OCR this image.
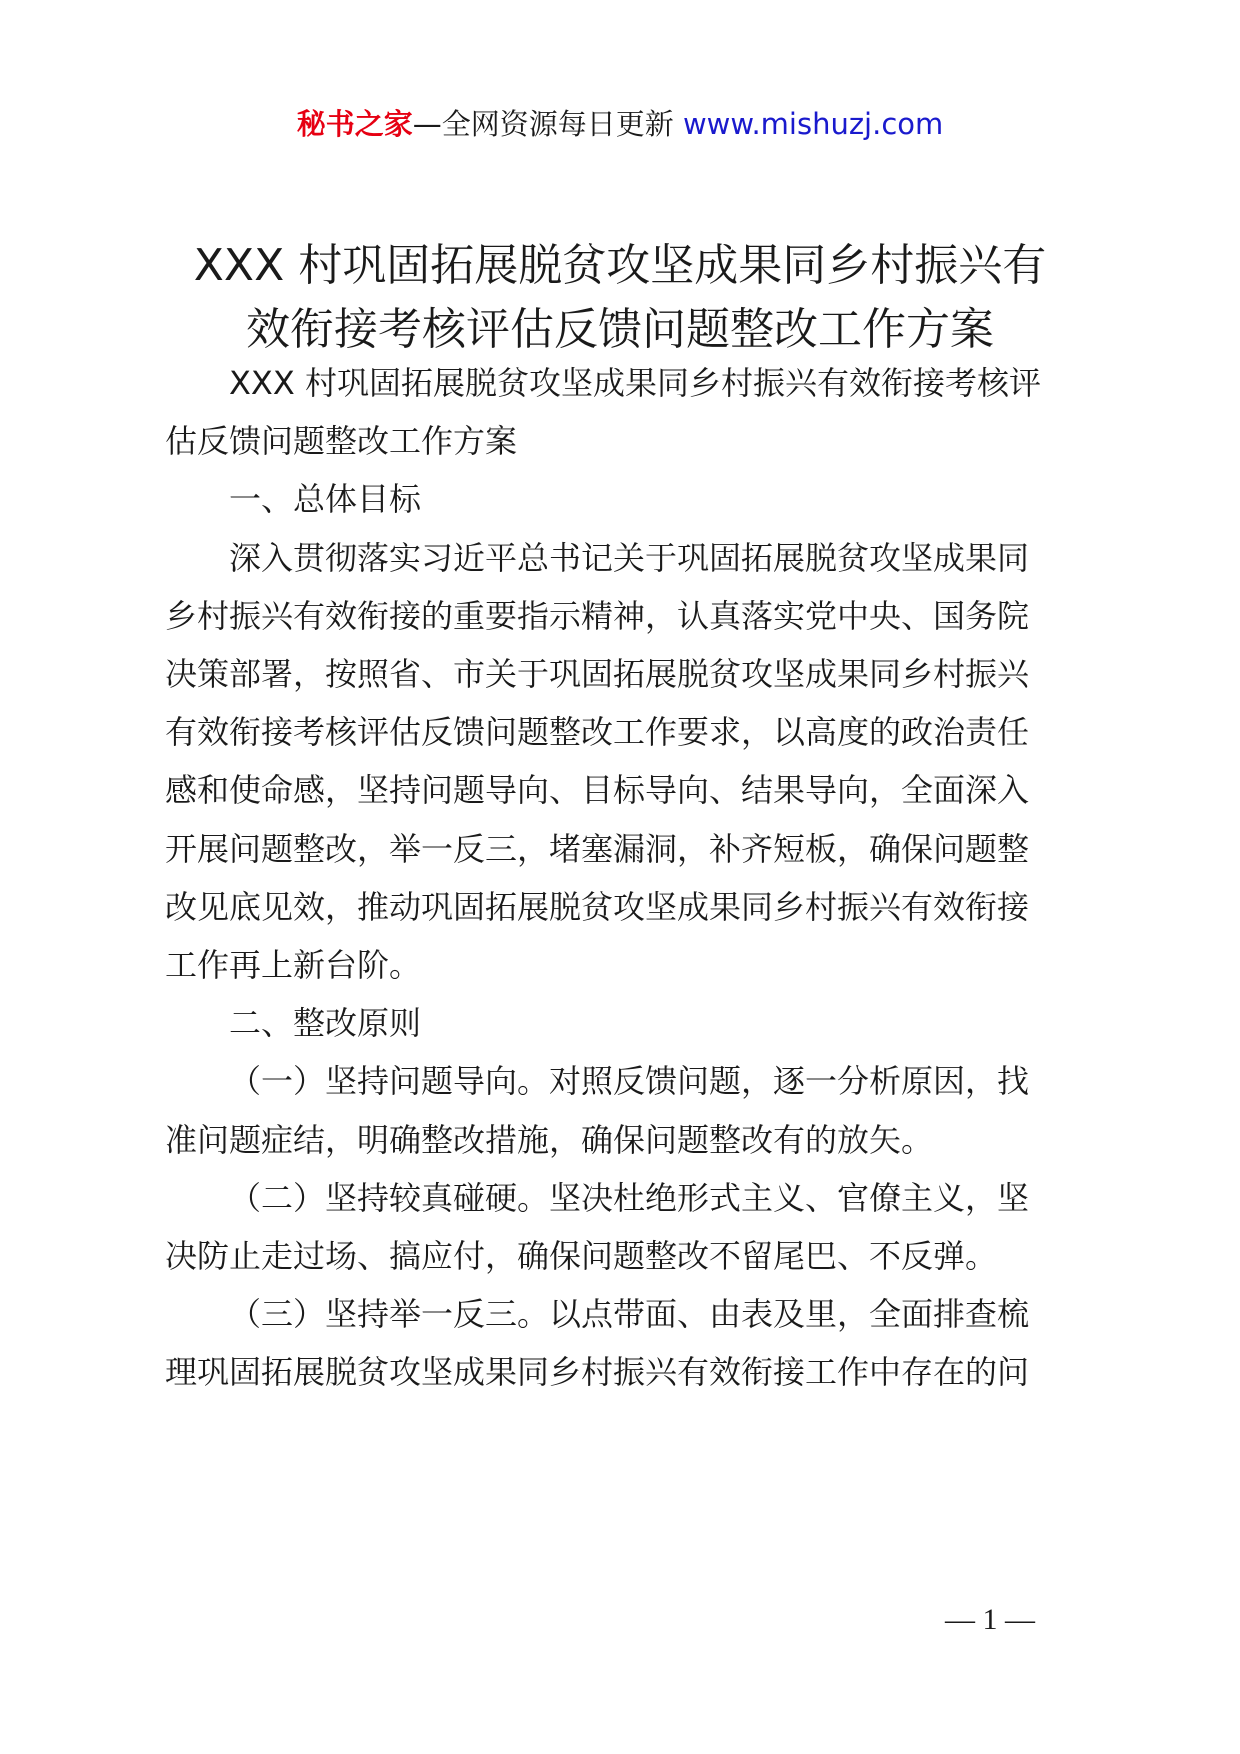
秘书之家—全网资源每日更新 www.mishuzj.com
XXX 村巩固拓展脱贫攻坚成果同乡村振兴有
效衔接考核评估反馈问题整改工作方案

XXX 村巩固拓展脱贫攻坚成果同乡村振兴有效衔接考核评
估反馈问题整改工作方案

一、总体目标

深入贯彻落实习近平总书记关于巩固拓展脱贫攻坚成果同
乡村振兴有效衔接的重要指示精神，认真落实党中央、国务院
决策部署，按照省、市关于巩固拓展脱贫攻坚成果同乡村振兴
有效衔接考核评估反馈问题整改工作要求，以高度的政治责任
感和使命感，坚持问题导向、目标导向、结果导向，全面深入
开展问题整改，举一反三，堵塞漏洞，补齐短板，确保问题整
改见底见效，推动巩固拓展脱贫攻坚成果同乡村振兴有效衔接
工作再上新台阶。

二、整改原则

（一）坚持问题导向。对照反馈问题，逐一分析原因，找
准问题症结，明确整改措施，确保问题整改有的放矢。

（二）坚持较真碰硬。坚决杜绝形式主义、官僚主义，坚
决防止走过场、搞应付，确保问题整改不留尾巴、不反弹。

（三）坚持举一反三。以点带面、由表及里，全面排查梳
理巩固拓展脱贫攻坚成果同乡村振兴有效衔接工作中存在的问

— 1 —
